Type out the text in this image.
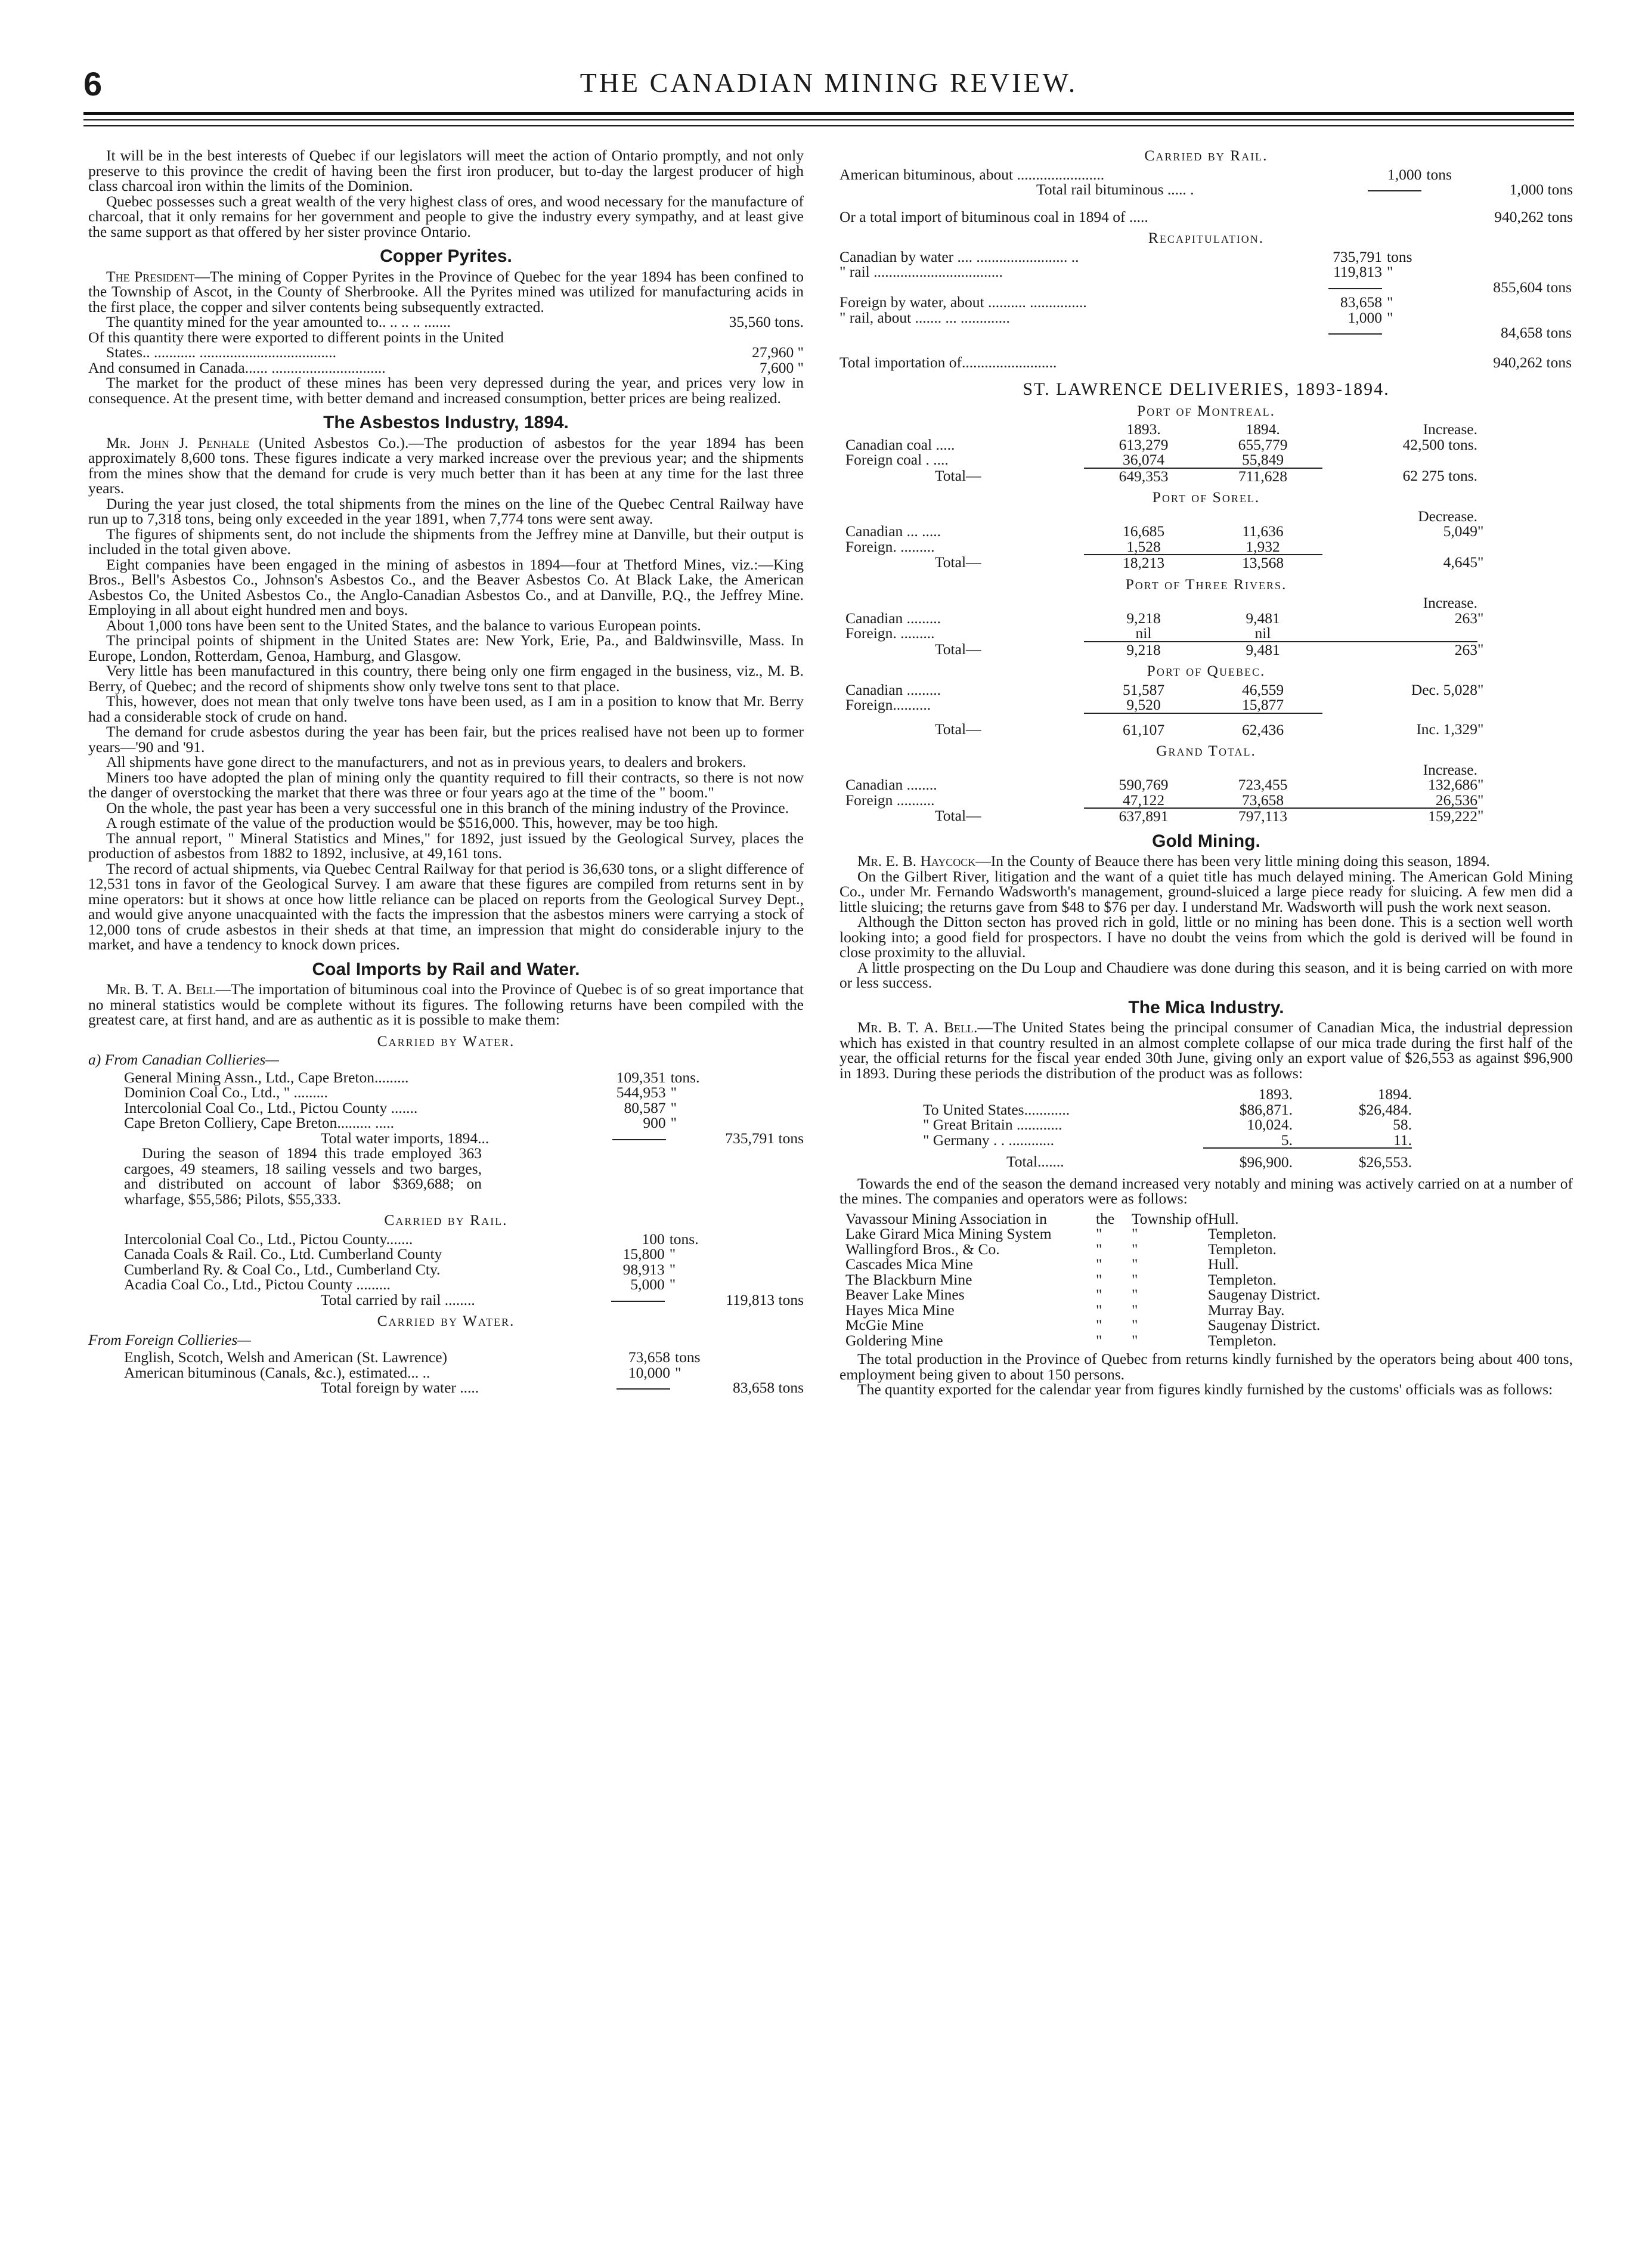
6	THE CANADIAN MINING REVIEW.

It will be in the best interests of Quebec if our legislators will meet the action of Ontario promptly, and not only preserve to this province the credit of having been the first iron producer, but to-day the largest producer of high class charcoal iron within the limits of the Dominion.

Quebec possesses such a great wealth of the very highest class of ores, and wood necessary for the manufacture of charcoal, that it only remains for her government and people to give the industry every sympathy, and at least give the same support as that offered by her sister province Ontario.

Copper Pyrites.

The President—The mining of Copper Pyrites in the Province of Quebec for the year 1894 has been confined to the Township of Ascot, in the County of Sherbrooke. All the Pyrites mined was utilized for manufacturing acids in the first place, the copper and silver contents being subsequently extracted.

The quantity mined for the year amounted to.. .. .. .. .......	35,560 tons.
Of this quantity there were exported to different points in the United	
States.. ........... ....................................	27,960 "
And consumed in Canada...... ..............................	7,600 "

The market for the product of these mines has been very depressed during the year, and prices very low in consequence. At the present time, with better demand and increased consumption, better prices are being realized.

The Asbestos Industry, 1894.

Mr. John J. Penhale (United Asbestos Co.).—The production of asbestos for the year 1894 has been approximately 8,600 tons. These figures indicate a very marked increase over the previous year; and the shipments from the mines show that the demand for crude is very much better than it has been at any time for the last three years.

During the year just closed, the total shipments from the mines on the line of the Quebec Central Railway have run up to 7,318 tons, being only exceeded in the year 1891, when 7,774 tons were sent away.

The figures of shipments sent, do not include the shipments from the Jeffrey mine at Danville, but their output is included in the total given above.

Eight companies have been engaged in the mining of asbestos in 1894—four at Thetford Mines, viz.:—King Bros., Bell's Asbestos Co., Johnson's Asbestos Co., and the Beaver Asbestos Co. At Black Lake, the American Asbestos Co, the United Asbestos Co., the Anglo-Canadian Asbestos Co., and at Danville, P.Q., the Jeffrey Mine. Employing in all about eight hundred men and boys.

About 1,000 tons have been sent to the United States, and the balance to various European points.

The principal points of shipment in the United States are: New York, Erie, Pa., and Baldwinsville, Mass. In Europe, London, Rotterdam, Genoa, Hamburg, and Glasgow.

Very little has been manufactured in this country, there being only one firm engaged in the business, viz., M. B. Berry, of Quebec; and the record of shipments show only twelve tons sent to that place.

This, however, does not mean that only twelve tons have been used, as I am in a position to know that Mr. Berry had a considerable stock of crude on hand.

The demand for crude asbestos during the year has been fair, but the prices realised have not been up to former years—'90 and '91.

All shipments have gone direct to the manufacturers, and not as in previous years, to dealers and brokers.

Miners too have adopted the plan of mining only the quantity required to fill their contracts, so there is not now the danger of overstocking the market that there was three or four years ago at the time of the " boom."

On the whole, the past year has been a very successful one in this branch of the mining industry of the Province.

A rough estimate of the value of the production would be $516,000. This, however, may be too high.

The annual report, " Mineral Statistics and Mines," for 1892, just issued by the Geological Survey, places the production of asbestos from 1882 to 1892, inclusive, at 49,161 tons.

The record of actual shipments, via Quebec Central Railway for that period is 36,630 tons, or a slight difference of 12,531 tons in favor of the Geological Survey. I am aware that these figures are compiled from returns sent in by mine operators: but it shows at once how little reliance can be placed on reports from the Geological Survey Dept., and would give anyone unacquainted with the facts the impression that the asbestos miners were carrying a stock of 12,000 tons of crude asbestos in their sheds at that time, an impression that might do considerable injury to the market, and have a tendency to knock down prices.

Coal Imports by Rail and Water.

Mr. B. T. A. Bell—The importation of bituminous coal into the Province of Quebec is of so great importance that no mineral statistics would be complete without its figures. The following returns have been compiled with the greatest care, at first hand, and are as authentic as it is possible to make them:

Carried by Water.
a) From Canadian Collieries—
General Mining Assn., Ltd., Cape Breton.........	109,351	tons.	
Dominion Coal Co., Ltd., " .........	544,953	"	
Intercolonial Coal Co., Ltd., Pictou County .......	80,587	"	
Cape Breton Colliery, Cape Breton......... .....	900	"	
Total water imports, 1894...			735,791 tons

During the season of 1894 this trade employed 363 cargoes, 49 steamers, 18 sailing vessels and two barges, and distributed on account of labor $369,688; on wharfage, $55,586; Pilots, $55,333.

Carried by Rail.
Intercolonial Coal Co., Ltd., Pictou County.......	100	tons.	
Canada Coals & Rail. Co., Ltd. Cumberland County	15,800	"	
Cumberland Ry. & Coal Co., Ltd., Cumberland Cty.	98,913	"	
Acadia Coal Co., Ltd., Pictou County .........	5,000	"	
Total carried by rail ........			119,813 tons
Carried by Water.
From Foreign Collieries—
English, Scotch, Welsh and American (St. Lawrence)	73,658	tons	
American bituminous (Canals, &c.), estimated... ..	10,000	"	
Total foreign by water .....			83,658 tons
Carried by Rail.
American bituminous, about .......................	1,000	tons	
Total rail bituminous ..... .			1,000 tons
Or a total import of bituminous coal in 1894 of .....			940,262 tons
Recapitulation.
Canadian by water .... ........................ ..	735,791	tons	
" rail ..................................	119,813	"	
			855,604 tons
Foreign by water, about .......... ...............	83,658	"	
" rail, about ....... ... .............	1,000	"	
			84,658 tons
Total importation of.........................			940,262 tons
ST. LAWRENCE DELIVERIES, 1893-1894.
Port of Montreal.
	1893.	1894.	Increase.	
Canadian coal .....	613,279	655,779	42,500 tons.	
Foreign coal . ....	36,074	55,849		
Total—	649,353	711,628	62 275 tons.	
Port of Sorel.
			Decrease.	
Canadian ... .....	16,685	11,636	5,049	"
Foreign. .........	1,528	1,932		
Total—	18,213	13,568	4,645	"
Port of Three Rivers.
			Increase.	
Canadian .........	9,218	9,481	263	"
Foreign. .........	nil	nil		
Total—	9,218	9,481	263	"
Port of Quebec.
Canadian .........	51,587	46,559	Dec. 5,028	"
Foreign..........	9,520	15,877		
Total—	61,107	62,436	Inc. 1,329	"
Grand Total.
			Increase.	
Canadian ........	590,769	723,455	132,686	"
Foreign ..........	47,122	73,658	26,536	"
Total—	637,891	797,113	159,222	"
Gold Mining.

Mr. E. B. Haycock—In the County of Beauce there has been very little mining doing this season, 1894.

On the Gilbert River, litigation and the want of a quiet title has much delayed mining. The American Gold Mining Co., under Mr. Fernando Wadsworth's management, ground-sluiced a large piece ready for sluicing. A few men did a little sluicing; the returns gave from $48 to $76 per day. I understand Mr. Wadsworth will push the work next season.

Although the Ditton secton has proved rich in gold, little or no mining has been done. This is a section well worth looking into; a good field for prospectors. I have no doubt the veins from which the gold is derived will be found in close proximity to the alluvial.

A little prospecting on the Du Loup and Chaudiere was done during this season, and it is being carried on with more or less success.

The Mica Industry.

Mr. B. T. A. Bell.—The United States being the principal consumer of Canadian Mica, the industrial depression which has existed in that country resulted in an almost complete collapse of our mica trade during the first half of the year, the official returns for the fiscal year ended 30th June, giving only an export value of $26,553 as against $96,900 in 1893. During these periods the distribution of the product was as follows:

	1893.	1894.
To United States............	$86,871.	$26,484.
" Great Britain ............	10,024.	58.
" Germany . . ............	5.	11.
Total.......	$96,900.	$26,553.

Towards the end of the season the demand increased very notably and mining was actively carried on at a number of the mines. The companies and operators were as follows:

Vavassour Mining Association in	the	Township of	Hull.
Lake Girard Mica Mining System	"	"	Templeton.
Wallingford Bros., & Co.	"	"	Templeton.
Cascades Mica Mine	"	"	Hull.
The Blackburn Mine	"	"	Templeton.
Beaver Lake Mines	"	"	Saugenay District.
Hayes Mica Mine	"	"	Murray Bay.
McGie Mine	"	"	Saugenay District.
Goldering Mine	"	"	Templeton.

The total production in the Province of Quebec from returns kindly furnished by the operators being about 400 tons, employment being given to about 150 persons.

The quantity exported for the calendar year from figures kindly furnished by the customs' officials was as follows:
